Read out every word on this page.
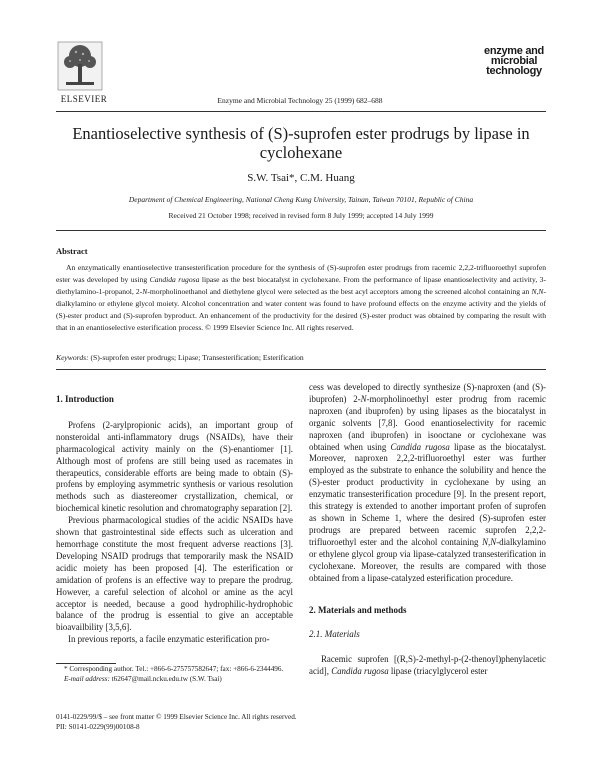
ELSEVIER	Enzyme and Microbial Technology 25 (1999) 682–688
enzyme and
microbial
technology
Enantioselective synthesis of (S)-suprofen ester prodrugs by lipase in cyclohexane
S.W. Tsai*, C.M. Huang
Department of Chemical Engineering, National Cheng Kung University, Tainan, Taiwan 70101, Republic of China
Received 21 October 1998; received in revised form 8 July 1999; accepted 14 July 1999
Abstract
An enzymatically enantioselective transesterification procedure for the synthesis of (S)-suprofen ester prodrugs from racemic 2,2,2-trifluoroethyl suprofen ester was developed by using Candida rugosa lipase as the best biocatalyst in cyclohexane. From the performance of lipase enantioselectivity and activity, 3-diethylamino-1-propanol, 2-N-morpholinoethanol and diethylene glycol were selected as the best acyl acceptors among the screened alcohol containing an N,N-dialkylamino or ethylene glycol moiety. Alcohol concentration and water content was found to have profound effects on the enzyme activity and the yields of (S)-ester product and (S)-suprofen byproduct. An enhancement of the productivity for the desired (S)-ester product was obtained by comparing the result with that in an enantioselective esterification process. © 1999 Elsevier Science Inc. All rights reserved.
Keywords: (S)-suprofen ester prodrugs; Lipase; Transesterification; Esterification

1. Introduction

Profens (2-arylpropionic acids), an important group of nonsteroidal anti-inflammatory drugs (NSAIDs), have their pharmacological activity mainly on the (S)-enantiomer [1]. Although most of profens are still being used as racemates in therapeutics, considerable efforts are being made to obtain (S)-profens by employing asymmetric synthesis or various resolution methods such as diastereomer crystallization, chemical, or biochemical kinetic resolution and chromatography separation [2].

Previous pharmacological studies of the acidic NSAIDs have shown that gastrointestinal side effects such as ulceration and hemorrhage constitute the most frequent adverse reactions [3]. Developing NSAID prodrugs that temporarily mask the NSAID acidic moiety has been proposed [4]. The esterification or amidation of profens is an effective way to prepare the prodrug. However, a careful selection of alcohol or amine as the acyl acceptor is needed, because a good hydrophilic-hydrophobic balance of the prodrug is essential to give an acceptable bioavailbility [3,5,6].

In previous reports, a facile enzymatic esterification pro-

cess was developed to directly synthesize (S)-naproxen (and (S)-ibuprofen) 2-N-morpholinoethyl ester prodrug from racemic naproxen (and ibuprofen) by using lipases as the biocatalyst in organic solvents [7,8]. Good enantioselectivity for racemic naproxen (and ibuprofen) in isooctane or cyclohexane was obtained when using Candida rugosa lipase as the biocatalyst. Moreover, naproxen 2,2,2-trifluoroethyl ester was further employed as the substrate to enhance the solubility and hence the (S)-ester product productivity in cyclohexane by using an enzymatic transesterification procedure [9]. In the present report, this strategy is extended to another important profen of suprofen as shown in Scheme 1, where the desired (S)-suprofen ester prodrugs are prepared between racemic suprofen 2,2,2-trifluoroethyl ester and the alcohol containing N,N-dialkylamino or ethylene glycol group via lipase-catalyzed transesterification in cyclohexane. Moreover, the results are compared with those obtained from a lipase-catalyzed esterification procedure.

2. Materials and methods

2.1. Materials

Racemic suprofen [(R,S)-2-methyl-p-(2-thenoyl)phenylacetic acid], Candida rugosa lipase (triacylglycerol ester

* Corresponding author. Tel.: +866-6-275757582647; fax: +866-6-2344496.

E-mail address: t62647@mail.ncku.edu.tw (S.W. Tsai)

0141-0229/99/$ – see front matter © 1999 Elsevier Science Inc. All rights reserved.
PII: S0141-0229(99)00108-8
